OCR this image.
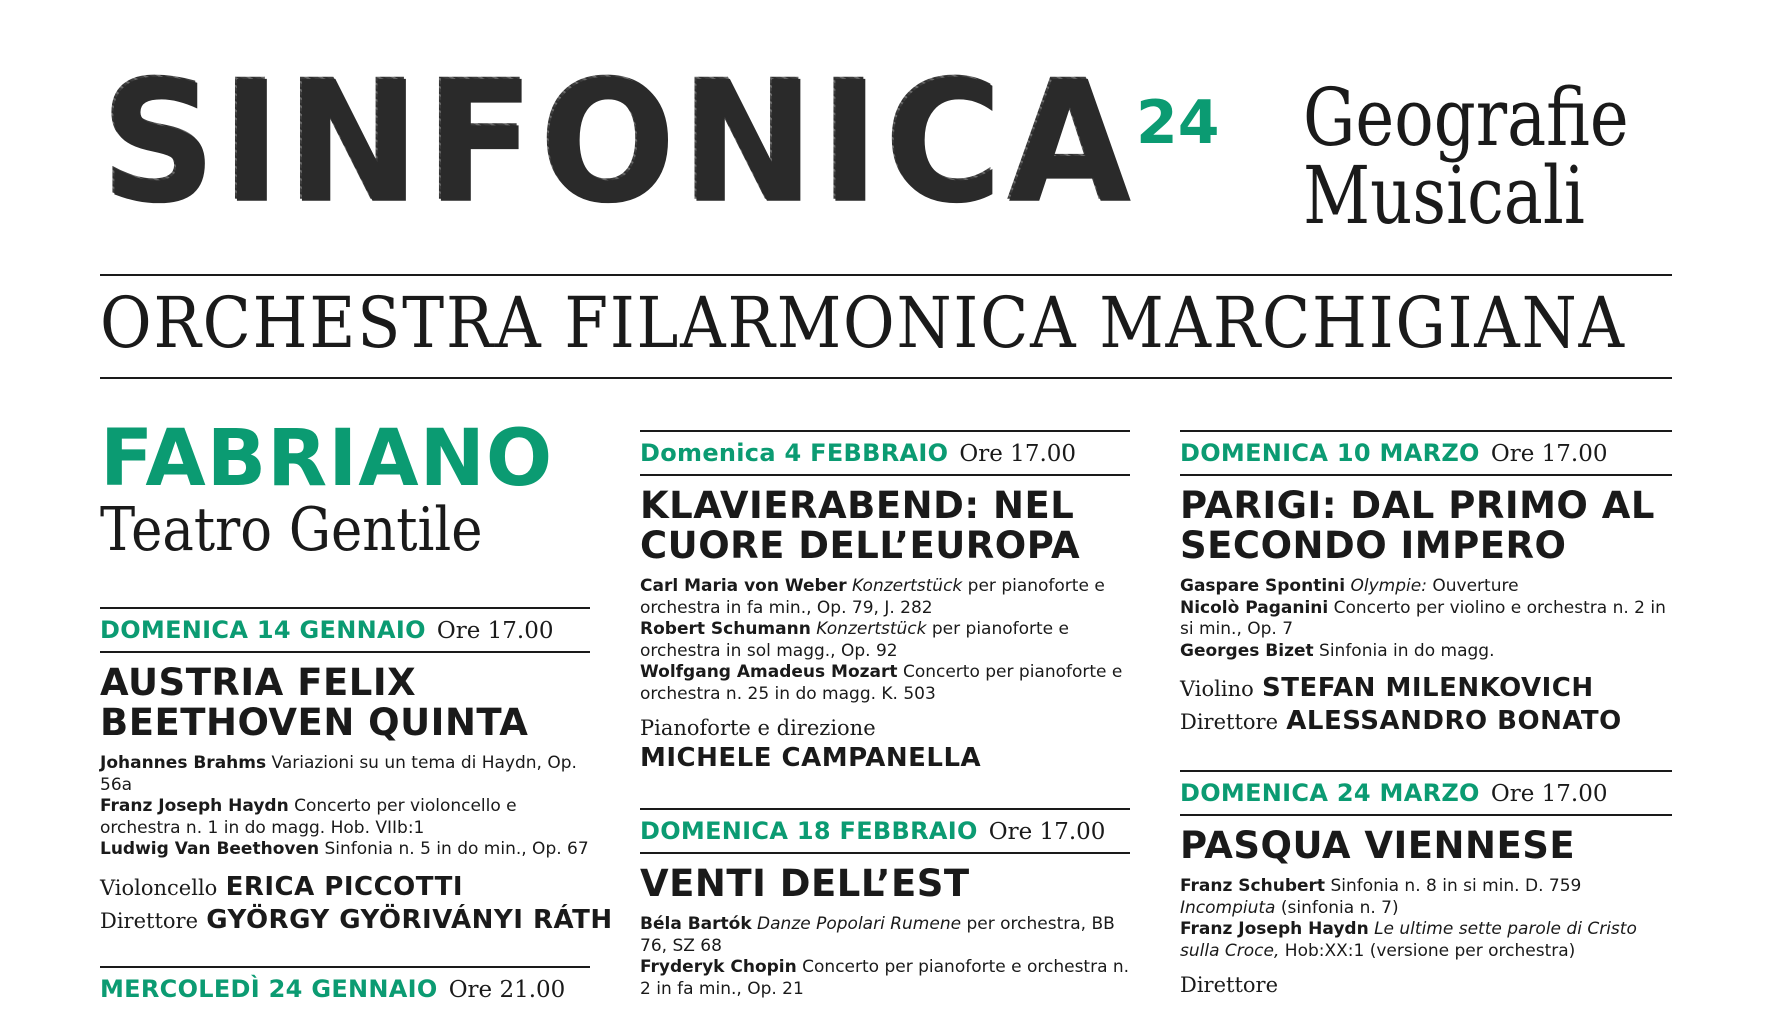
SINFONICA 24 Geografie
Musicali
ORCHESTRA FILARMONICA MARCHIGIANA
FABRIANO
Teatro Gentile
DOMENICA 14 GENNAIO Ore 17.00
AUSTRIA FELIX
BEETHOVEN QUINTA
Johannes Brahms Variazioni su un tema di Haydn, Op. 56a
Franz Joseph Haydn Concerto per violoncello e orchestra n. 1 in do magg. Hob. VIIb:1
Ludwig Van Beethoven Sinfonia n. 5 in do min., Op. 67
Violoncello ERICA PICCOTTI
Direttore GYÖRGY GYÖRIVÁNYI RÁTH
MERCOLEDÌ 24 GENNAIO Ore 21.00
Domenica 4 FEBBRAIO Ore 17.00
KLAVIERABEND: NEL
CUORE DELL’EUROPA
Carl Maria von Weber Konzertstück per pianoforte e orchestra in fa min., Op. 79, J. 282
Robert Schumann Konzertstück per pianoforte e orchestra in sol magg., Op. 92
Wolfgang Amadeus Mozart Concerto per pianoforte e orchestra n. 25 in do magg. K. 503
Pianoforte e direzione
MICHELE CAMPANELLA
DOMENICA 18 FEBBRAIO Ore 17.00
VENTI DELL’EST
Béla Bartók Danze Popolari Rumene per orchestra, BB 76, SZ 68
Fryderyk Chopin Concerto per pianoforte e orchestra n. 2 in fa min., Op. 21
DOMENICA 10 MARZO Ore 17.00
PARIGI: DAL PRIMO AL
SECONDO IMPERO
Gaspare Spontini Olympie: Ouverture
Nicolò Paganini Concerto per violino e orchestra n. 2 in si min., Op. 7
Georges Bizet Sinfonia in do magg.
Violino STEFAN MILENKOVICH
Direttore ALESSANDRO BONATO
DOMENICA 24 MARZO Ore 17.00
PASQUA VIENNESE
Franz Schubert Sinfonia n. 8 in si min. D. 759 Incompiuta (sinfonia n. 7)
Franz Joseph Haydn Le ultime sette parole di Cristo sulla Croce, Hob:XX:1 (versione per orchestra)
Direttore
